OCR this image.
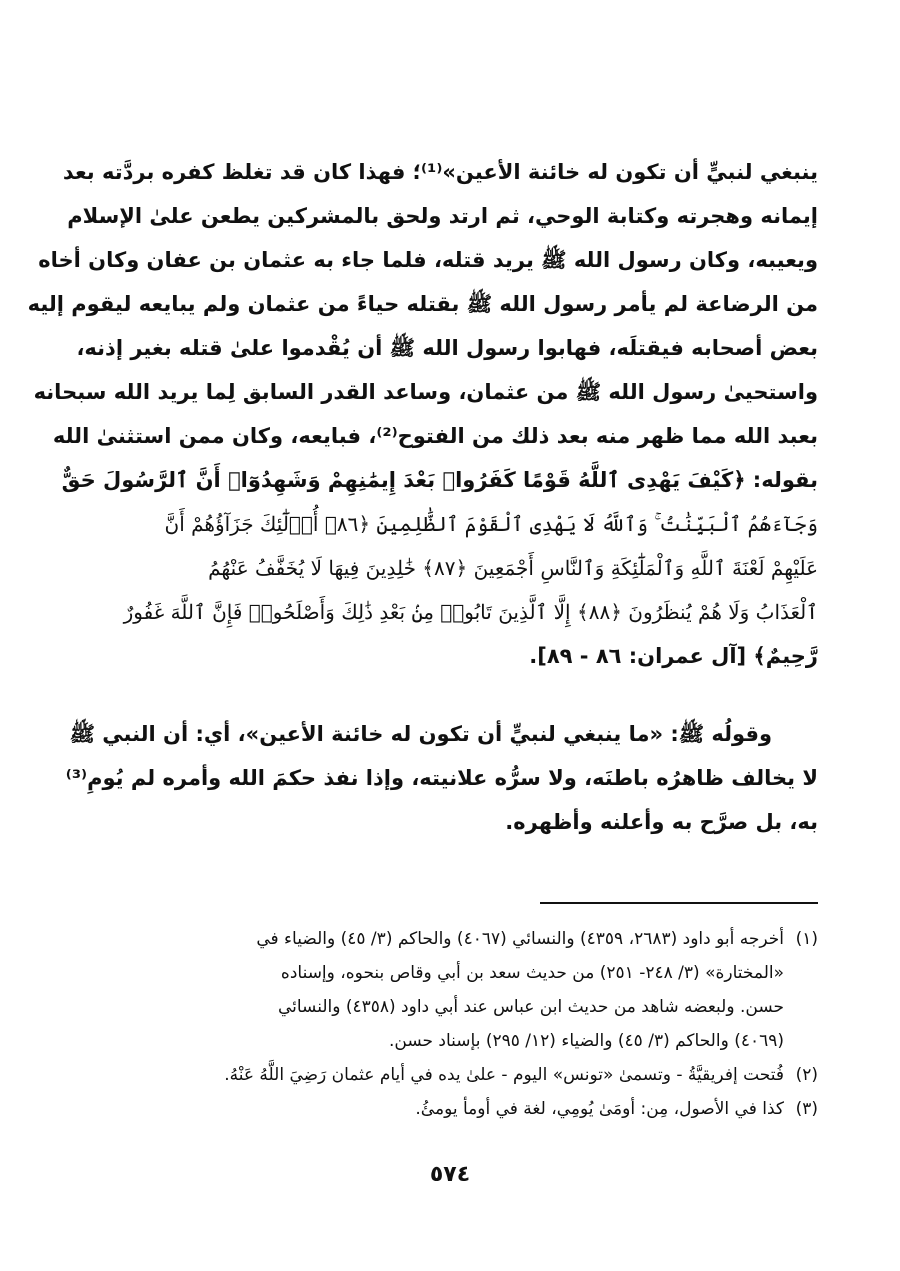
ينبغي لنبيٍّ أن تكون له خائنة الأعين»⁽¹⁾؛ فهذا كان قد تغلظ كفره بردَّته بعد
إيمانه وهجرته وكتابة الوحي، ثم ارتد ولحق بالمشركين يطعن علىٰ الإسلام
ويعيبه، وكان رسول الله ﷺ يريد قتله، فلما جاء به عثمان بن عفان وكان أخاه
من الرضاعة لم يأمر رسول الله ﷺ بقتله حياءً من عثمان ولم يبايعه ليقوم إليه
بعض أصحابه فيقتلَه، فهابوا رسول الله ﷺ أن يُقْدموا علىٰ قتله بغير إذنه،
واستحيىٰ رسول الله ﷺ من عثمان، وساعد القدر السابق لِما يريد الله سبحانه
بعبد الله مما ظهر منه بعد ذلك من الفتوح⁽²⁾، فبايعه، وكان ممن استثنىٰ الله
بقوله: ﴿كَيْفَ يَهْدِى ٱللَّهُ قَوْمًا كَفَرُوا۟ بَعْدَ إِيمَٰنِهِمْ وَشَهِدُوٓا۟ أَنَّ ٱلرَّسُولَ حَقٌّ
وَجَآءَهُمُ ٱلْبَيِّنَٰتُ ۚ وَٱللَّهُ لَا يَهْدِى ٱلْقَوْمَ ٱلظَّٰلِمِينَ ﴿٨٦﴾ أُو۟لَٰٓئِكَ جَزَآؤُهُمْ أَنَّ
عَلَيْهِمْ لَعْنَةَ ٱللَّهِ وَٱلْمَلَٰٓئِكَةِ وَٱلنَّاسِ أَجْمَعِينَ ﴿٨٧﴾ خَٰلِدِينَ فِيهَا لَا يُخَفَّفُ عَنْهُمُ
ٱلْعَذَابُ وَلَا هُمْ يُنظَرُونَ ﴿٨٨﴾ إِلَّا ٱلَّذِينَ تَابُوا۟ مِنۢ بَعْدِ ذَٰلِكَ وَأَصْلَحُوا۟ فَإِنَّ ٱللَّهَ غَفُورٌ
رَّحِيمٌ﴾ [آل عمران: ٨٦ - ٨٩].
وقولُه ﷺ: «ما ينبغي لنبيٍّ أن تكون له خائنة الأعين»، أي: أن النبي ﷺ
لا يخالف ظاهرُه باطنَه، ولا سرُّه علانيته، وإذا نفذ حكمَ الله وأمره لم يُومِ⁽³⁾
به، بل صرَّح به وأعلنه وأظهره.
(١)أخرجه أبو داود (٢٦٨٣، ٤٣٥٩) والنسائي (٤٠٦٧) والحاكم (٣/ ٤٥) والضياء في
«المختارة» (٣/ ٢٤٨- ٢٥١) من حديث سعد بن أبي وقاص بنحوه، وإسناده
حسن. ولبعضه شاهد من حديث ابن عباس عند أبي داود (٤٣٥٨) والنسائي
(٤٠٦٩) والحاكم (٣/ ٤٥) والضياء (١٢/ ٢٩٥) بإسناد حسن.
(٢)فُتحت إفريقيَّةُ - وتسمىٰ «تونس» اليوم - علىٰ يده في أيام عثمان رَضِيَ اللَّهُ عَنْهُ.
(٣)كذا في الأصول، مِن: أومَىٰ يُومِي، لغة في أومأ يومئُ.
٥٧٤
